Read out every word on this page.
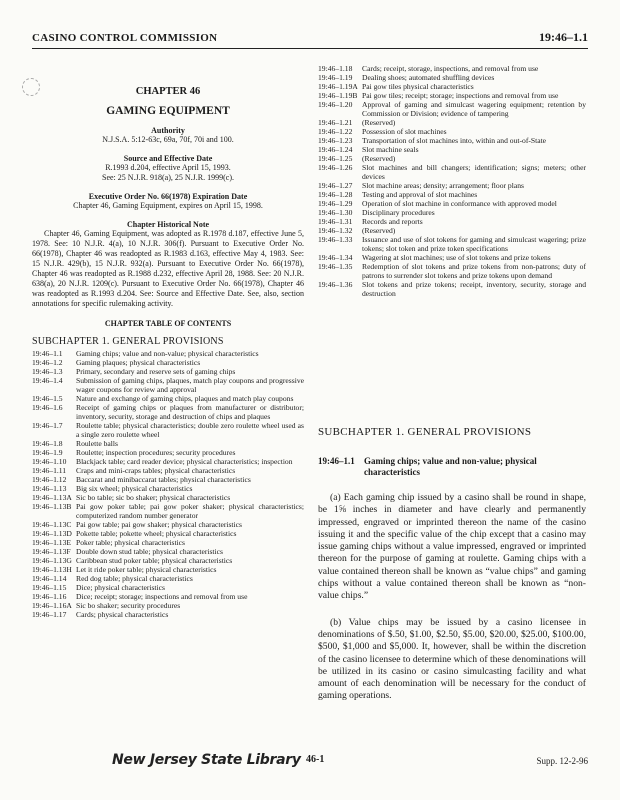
CASINO CONTROL COMMISSION	19:46–1.1
CHAPTER 46
GAMING EQUIPMENT
Authority
N.J.S.A. 5:12-63c, 69a, 70f, 70i and 100.
Source and Effective Date
R.1993 d.204, effective April 15, 1993.
See: 25 N.J.R. 918(a), 25 N.J.R. 1999(c).
Executive Order No. 66(1978) Expiration Date
Chapter 46, Gaming Equipment, expires on April 15, 1998.
Chapter Historical Note
Chapter 46, Gaming Equipment, was adopted as R.1978 d.187, effective June 5, 1978. See: 10 N.J.R. 4(a), 10 N.J.R. 306(f). Pursuant to Executive Order No. 66(1978), Chapter 46 was readopted as R.1983 d.163, effective May 4, 1983. See: 15 N.J.R. 429(b), 15 N.J.R. 932(a). Pursuant to Executive Order No. 66(1978), Chapter 46 was readopted as R.1988 d.232, effective April 28, 1988. See: 20 N.J.R. 638(a), 20 N.J.R. 1209(c). Pursuant to Executive Order No. 66(1978), Chapter 46 was readopted as R.1993 d.204. See: Source and Effective Date. See, also, section annotations for specific rulemaking activity.
CHAPTER TABLE OF CONTENTS
SUBCHAPTER 1. GENERAL PROVISIONS
19:46–1.1	Gaming chips; value and non-value; physical characteristics
19:46–1.2	Gaming plaques; physical characteristics
19:46–1.3	Primary, secondary and reserve sets of gaming chips
19:46–1.4	Submission of gaming chips, plaques, match play coupons and progressive wager coupons for review and approval
19:46–1.5	Nature and exchange of gaming chips, plaques and match play coupons
19:46–1.6	Receipt of gaming chips or plaques from manufacturer or distributor; inventory, security, storage and destruction of chips and plaques
19:46–1.7	Roulette table; physical characteristics; double zero roulette wheel used as a single zero roulette wheel
19:46–1.8	Roulette balls
19:46–1.9	Roulette; inspection procedures; security procedures
19:46–1.10	Blackjack table; card reader device; physical characteristics; inspection
19:46–1.11	Craps and mini-craps tables; physical characteristics
19:46–1.12	Baccarat and minibaccarat tables; physical characteristics
19:46–1.13	Big six wheel; physical characteristics
19:46–1.13A Sic bo table; sic bo shaker; physical characteristics
19:46–1.13B Pai gow poker table; pai gow poker shaker; physical characteristics; computerized random number generator
19:46–1.13C Pai gow table; pai gow shaker; physical characteristics
19:46–1.13D Pokette table; pokette wheel; physical characteristics
19:46–1.13E Poker table; physical characteristics
19:46–1.13F Double down stud table; physical characteristics
19:46–1.13G Caribbean stud poker table; physical characteristics
19:46–1.13H Let it ride poker table; physical characteristics
19:46–1.14	Red dog table; physical characteristics
19:46–1.15	Dice; physical characteristics
19:46–1.16	Dice; receipt; storage; inspections and removal from use
19:46–1.16A Sic bo shaker; security procedures
19:46–1.17	Cards; physical characteristics
19:46–1.18	Cards; receipt, storage, inspections, and removal from use
19:46–1.19	Dealing shoes; automated shuffling devices
19:46–1.19A Pai gow tiles physical characteristics
19:46–1.19B Pai gow tiles; receipt; storage; inspections and removal from use
19:46–1.20	Approval of gaming and simulcast wagering equipment; retention by Commission or Division; evidence of tampering
19:46–1.21	(Reserved)
19:46–1.22	Possession of slot machines
19:46–1.23	Transportation of slot machines into, within and out-of-State
19:46–1.24	Slot machine seals
19:46–1.25	(Reserved)
19:46–1.26	Slot machines and bill changers; identification; signs; meters; other devices
19:46–1.27	Slot machine areas; density; arrangement; floor plans
19:46–1.28	Testing and approval of slot machines
19:46–1.29	Operation of slot machine in conformance with approved model
19:46–1.30	Disciplinary procedures
19:46–1.31	Records and reports
19:46–1.32	(Reserved)
19:46–1.33	Issuance and use of slot tokens for gaming and simulcast wagering; prize tokens; slot token and prize token specifications
19:46–1.34	Wagering at slot machines; use of slot tokens and prize tokens
19:46–1.35	Redemption of slot tokens and prize tokens from non-patrons; duty of patrons to surrender slot tokens and prize tokens upon demand
19:46–1.36	Slot tokens and prize tokens; receipt, inventory, security, storage and destruction
SUBCHAPTER 1. GENERAL PROVISIONS
19:46–1.1	Gaming chips; value and non-value; physical characteristics
(a) Each gaming chip issued by a casino shall be round in shape, be 1⅝ inches in diameter and have clearly and permanently impressed, engraved or imprinted thereon the name of the casino issuing it and the specific value of the chip except that a casino may issue gaming chips without a value impressed, engraved or imprinted thereon for the purpose of gaming at roulette. Gaming chips with a value contained thereon shall be known as “value chips” and gaming chips without a value contained thereon shall be known as “non-value chips.”
(b) Value chips may be issued by a casino licensee in denominations of $.50, $1.00, $2.50, $5.00, $20.00, $25.00, $100.00, $500, $1,000 and $5,000. It, however, shall be within the discretion of the casino licensee to determine which of these denominations will be utilized in its casino or casino simulcasting facility and what amount of each denomination will be necessary for the conduct of gaming operations.
New Jersey State Library 46-1	Supp. 12-2-96
